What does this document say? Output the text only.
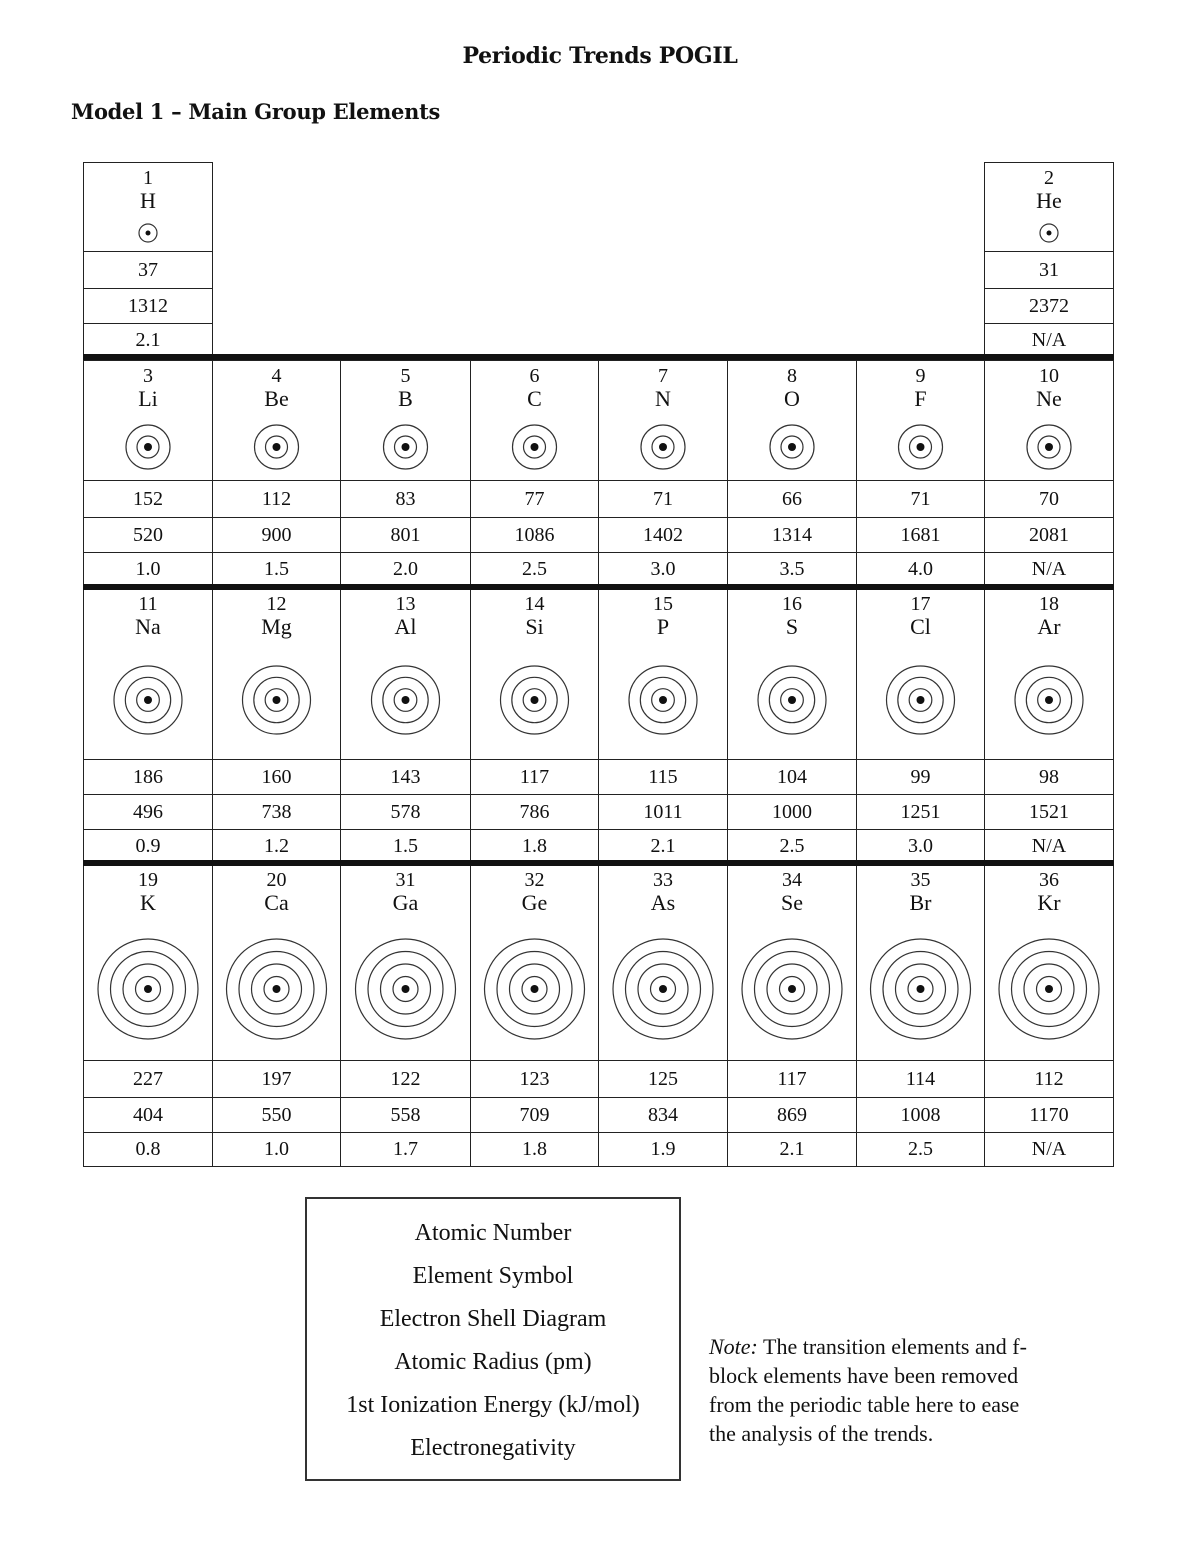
Periodic Trends POGIL
Model 1 – Main Group Elements
1
H
37
1312
2.1
2
He
31
2372
N/A
3
Li
152
520
1.0
4
Be
112
900
1.5
5
B
83
801
2.0
6
C
77
1086
2.5
7
N
71
1402
3.0
8
O
66
1314
3.5
9
F
71
1681
4.0
10
Ne
70
2081
N/A
11
Na
186
496
0.9
12
Mg
160
738
1.2
13
Al
143
578
1.5
14
Si
117
786
1.8
15
P
115
1011
2.1
16
S
104
1000
2.5
17
Cl
99
1251
3.0
18
Ar
98
1521
N/A
19
K
227
404
0.8
20
Ca
197
550
1.0
31
Ga
122
558
1.7
32
Ge
123
709
1.8
33
As
125
834
1.9
34
Se
117
869
2.1
35
Br
114
1008
2.5
36
Kr
112
1170
N/A
Atomic Number
Element Symbol
Electron Shell Diagram
Atomic Radius (pm)
1st Ionization Energy (kJ/mol)
Electronegativity
Note: The transition elements and f-block elements have been removed from the periodic table here to ease the analysis of the trends.
